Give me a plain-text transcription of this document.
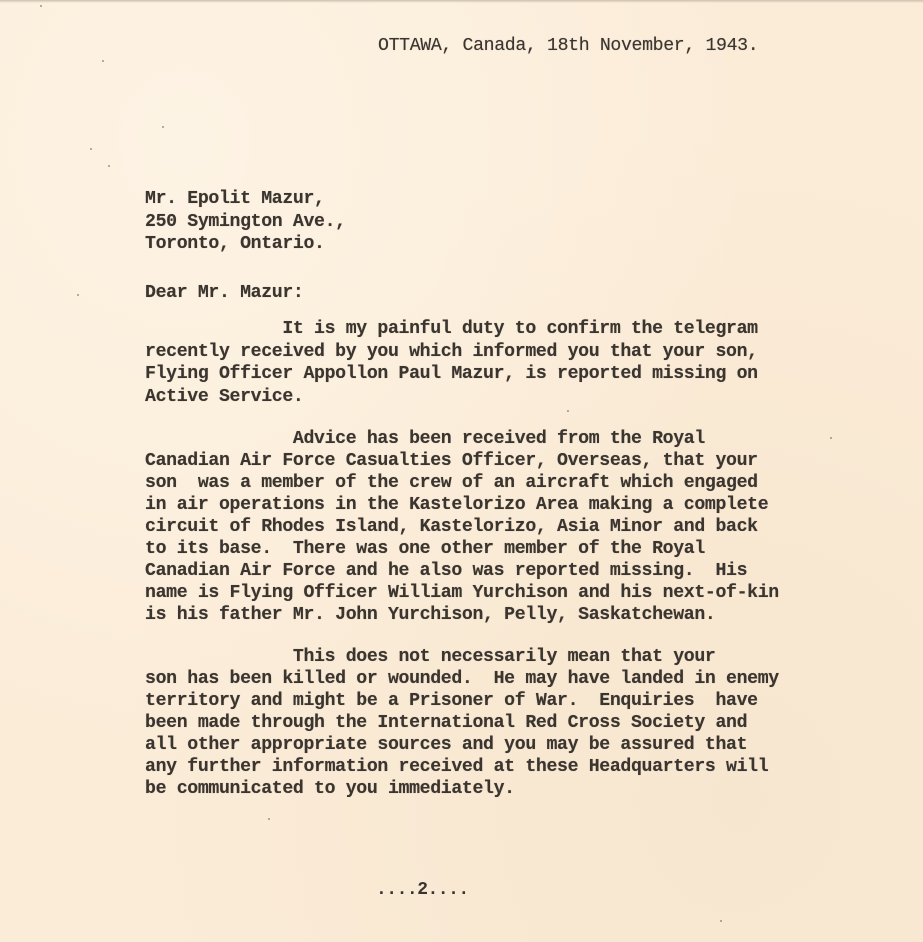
OTTAWA, Canada, 18th November, 1943.
Mr. Epolit Mazur,
250 Symington Ave.,
Toronto, Ontario.
Dear Mr. Mazur:
It is my painful duty to confirm the telegram
recently received by you which informed you that your son,
Flying Officer Appollon Paul Mazur, is reported missing on
Active Service.
Advice has been received from the Royal
Canadian Air Force Casualties Officer, Overseas, that your
son  was a member of the crew of an aircraft which engaged
in air operations in the Kastelorizo Area making a complete
circuit of Rhodes Island, Kastelorizo, Asia Minor and back
to its base.  There was one other member of the Royal
Canadian Air Force and he also was reported missing.  His
name is Flying Officer William Yurchison and his next-of-kin
is his father Mr. John Yurchison, Pelly, Saskatchewan.
This does not necessarily mean that your
son has been killed or wounded.  He may have landed in enemy
territory and might be a Prisoner of War.  Enquiries  have
been made through the International Red Cross Society and
all other appropriate sources and you may be assured that
any further information received at these Headquarters will
be communicated to you immediately.
....2....
